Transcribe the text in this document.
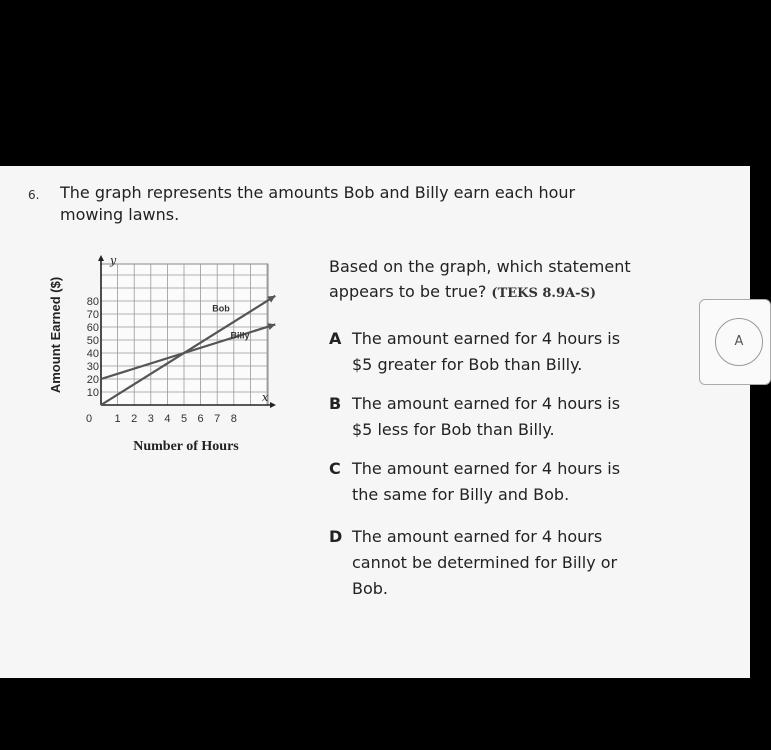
6. The graph represents the amounts Bob and Billy earn each hour
mowing lawns.
x
y
10
20
30
40
50
60
70
80
0 1 2 3 4 5 6 7 8
Bob
Billy
Number of Hours
Amount Earned ($)
Based on the graph, which statement
appears to be true? (TEKS 8.9A-S)
A The amount earned for 4 hours is
$5 greater for Bob than Billy.
B The amount earned for 4 hours is
$5 less for Bob than Billy.
C The amount earned for 4 hours is
the same for Billy and Bob.
D The amount earned for 4 hours
cannot be determined for Billy or
Bob.
A
